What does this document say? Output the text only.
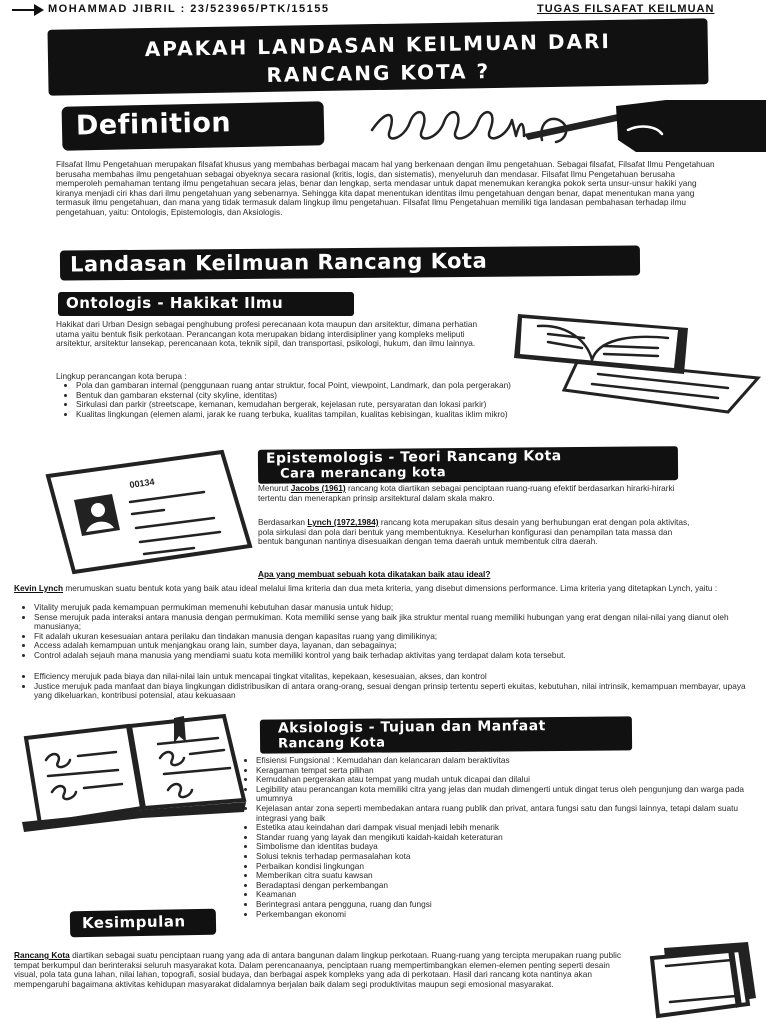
MOHAMMAD JIBRIL : 23/523965/PTK/15155	TUGAS FILSAFAT KEILMUAN
APAKAH LANDASAN KEILMUAN DARI
RANCANG KOTA ?
Definition

Filsafat Ilmu Pengetahuan merupakan filsafat khusus yang membahas berbagai macam hal yang berkenaan dengan ilmu pengetahuan. Sebagai filsafat, Filsafat Ilmu Pengetahuan berusaha membahas ilmu pengetahuan sebagai obyeknya secara rasional (kritis, logis, dan sistematis), menyeluruh dan mendasar. Filsafat Ilmu Pengetahuan berusaha memperoleh pemahaman tentang ilmu pengetahuan secara jelas, benar dan lengkap, serta mendasar untuk dapat menemukan kerangka pokok serta unsur-unsur hakiki yang kiranya menjadi ciri khas dari ilmu pengetahuan yang sebenarnya. Sehingga kita dapat menentukan identitas ilmu pengetahuan dengan benar, dapat menentukan mana yang termasuk ilmu pengetahuan, dan mana yang tidak termasuk dalam lingkup ilmu pengetahuan. Filsafat Ilmu Pengetahuan memiliki tiga landasan pembahasan terhadap ilmu pengetahuan, yaitu: Ontologis, Epistemologis, dan Aksiologis.

Landasan Keilmuan Rancang Kota
Ontologis - Hakikat Ilmu

Hakikat dari Urban Design sebagai penghubung profesi perecanaan kota maupun dan arsitektur, dimana perhatian utama yaitu bentuk fisik perkotaan. Perancangan kota merupakan bidang interdisipliner yang kompleks meliputi arsitektur, arsitektur lansekap, perencanaan kota, teknik sipil, dan transportasi, psikologi, hukum, dan ilmu lainnya.

Lingkup perancangan kota berupa :

• Pola dan gambaran internal (penggunaan ruang antar struktur, focal Point, viewpoint, Landmark, dan pola pergerakan)
• Bentuk dan gambaran eksternal (city skyline, identitas)
• Sirkulasi dan parkir (streetscape, kemanan, kemudahan bergerak, kejelasan rute, persyaratan dan lokasi parkir)
• Kualitas lingkungan (elemen alami, jarak ke ruang terbuka, kualitas tampilan, kualitas kebisingan, kualitas iklim mikro)
00134
Epistemologis - Teori Rancang Kota
Cara merancang kota

Menurut Jacobs (1961) rancang kota diartikan sebagai penciptaan ruang-ruang efektif berdasarkan hirarki-hirarki tertentu dan menerapkan prinsip arsitektural dalam skala makro.

Berdasarkan Lynch (1972,1984) rancang kota merupakan situs desain yang berhubungan erat dengan pola aktivitas, pola sirkulasi dan pola dari bentuk yang membentuknya. Keselurhan konfigurasi dan penampilan tata massa dan bentuk bangunan nantinya disesuaikan dengan tema daerah untuk membentuk citra daerah.

Apa yang membuat sebuah kota dikatakan baik atau ideal?

Kevin Lynch merumuskan suatu bentuk kota yang baik atau ideal melalui lima kriteria dan dua meta kriteria, yang disebut dimensions performance. Lima kriteria yang ditetapkan Lynch, yaitu :

• Vitality merujuk pada kemampuan permukiman memenuhi kebutuhan dasar manusia untuk hidup;
• Sense merujuk pada interaksi antara manusia dengan permukiman. Kota memiliki sense yang baik jika struktur mental ruang memiliki hubungan yang erat dengan nilai-nilai yang dianut oleh manusianya;
• Fit adalah ukuran kesesuaian antara perilaku dan tindakan manusia dengan kapasitas ruang yang dimilikinya;
• Access adalah kemampuan untuk menjangkau orang lain, sumber daya, layanan, dan sebagainya;
• Control adalah sejauh mana manusia yang mendiami suatu kota memiliki kontrol yang baik terhadap aktivitas yang terdapat dalam kota tersebut.
• Efficiency merujuk pada biaya dan nilai-nilai lain untuk mencapai tingkat vitalitas, kepekaan, kesesuaian, akses, dan kontrol
• Justice merujuk pada manfaat dan biaya lingkungan didistribusikan di antara orang-orang, sesuai dengan prinsip tertentu seperti ekuitas, kebutuhan, nilai intrinsik, kemampuan membayar, upaya yang dikeluarkan, kontribusi potensial, atau kekuasaan
Aksiologis - Tujuan dan Manfaat
Rancang Kota
• Efisiensi Fungsional : Kemudahan dan kelancaran dalam beraktivitas
• Keragaman tempat serta pilihan
• Kemudahan pergerakan atau tempat yang mudah untuk dicapai dan dilalui
• Legibility atau perancangan kota memiliki citra yang jelas dan mudah dimengerti untuk dingat terus oleh pengunjung dan warga pada umumnya
• Kejelasan antar zona seperti membedakan antara ruang publik dan privat, antara fungsi satu dan fungsi lainnya, tetapi dalam suatu integrasi yang baik
• Estetika atau keindahan dari dampak visual menjadi lebih menarik
• Standar ruang yang layak dan mengikuti kaidah-kaidah keteraturan
• Simbolisme dan identitas budaya
• Solusi teknis terhadap permasalahan kota
• Perbaikan kondisi lingkungan
• Memberikan citra suatu kawsan
• Beradaptasi dengan perkembangan
• Keamanan
• Berintegrasi antara pengguna, ruang dan fungsi
• Perkembangan ekonomi
Kesimpulan

Rancang Kota diartikan sebagai suatu penciptaan ruang yang ada di antara bangunan dalam lingkup perkotaan. Ruang-ruang yang tercipta merupakan ruang public tempat berkumpul dan berinteraksi seluruh masyarakat kota. Dalam perencanaanya, penciptaan ruang mempertimbangkan elemen-elemen penting seperti desain visual, pola tata guna lahan, nilai lahan, topografi, sosial budaya, dan berbagai aspek kompleks yang ada di perkotaan. Hasil dari rancang kota nantinya akan mempengaruhi bagaimana aktivitas kehidupan masyarakat didalamnya berjalan baik dalam segi produktivitas maupun segi emosional masyarakat.
